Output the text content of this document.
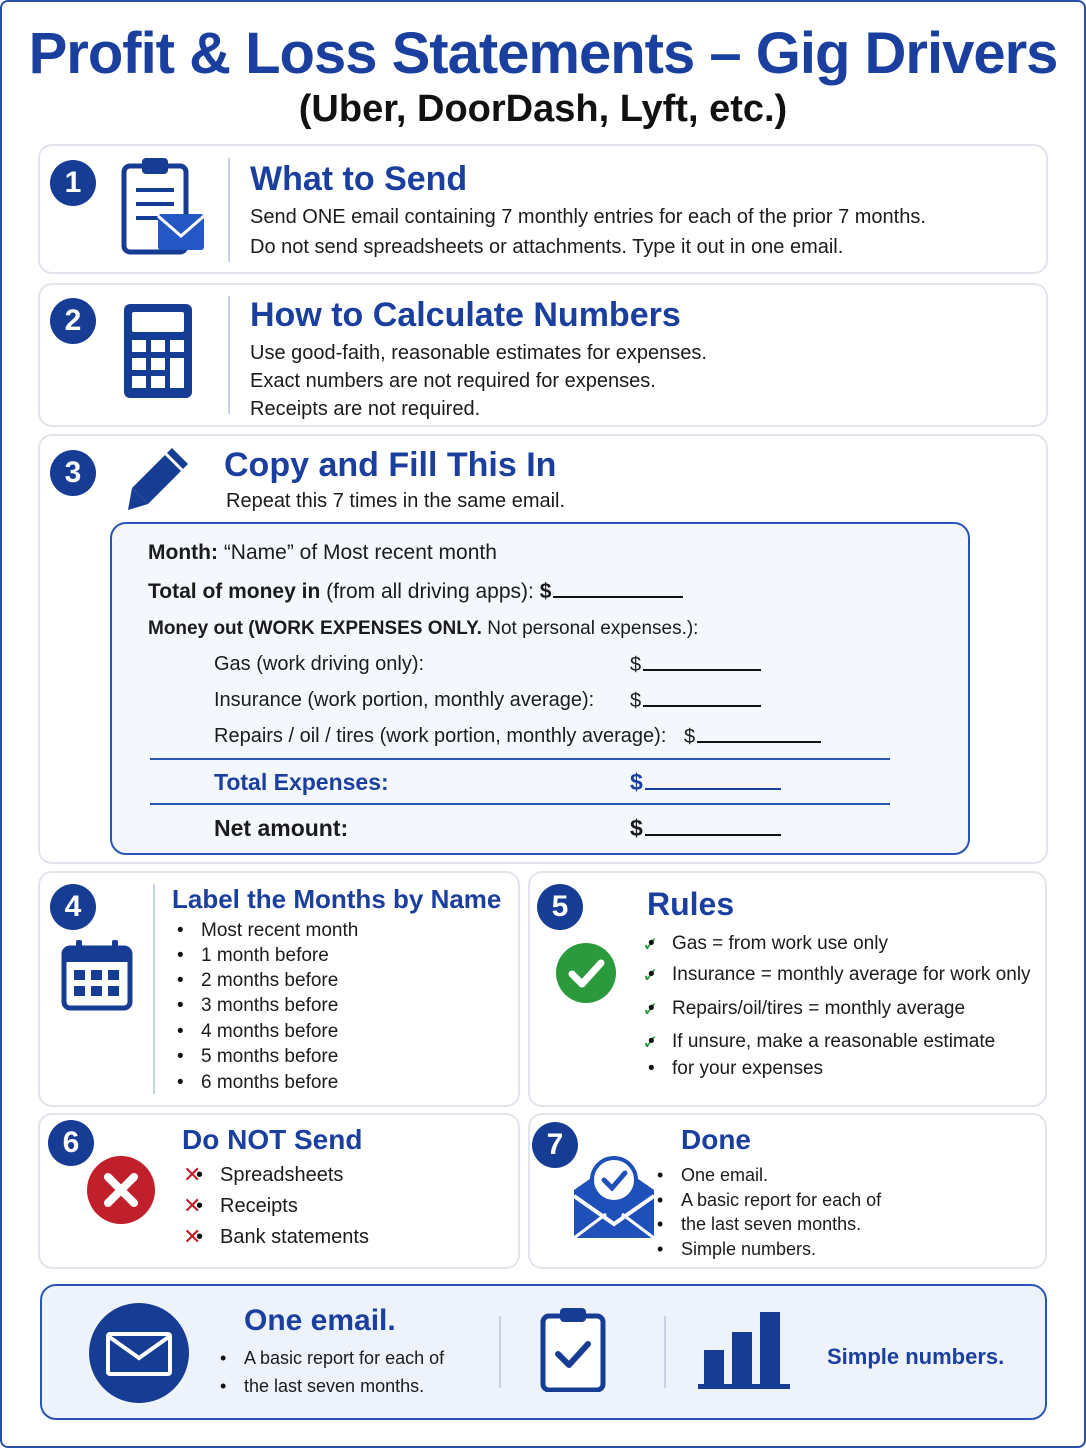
Profit & Loss Statements – Gig Drivers
(Uber, DoorDash, Lyft, etc.)
1	What to Send
Send ONE email containing 7 monthly entries for each of the prior 7 months.
Do not send spreadsheets or attachments. Type it out in one email.
2	How to Calculate Numbers
Use good-faith, reasonable estimates for expenses.
Exact numbers are not required for expenses.
Receipts are not required.
3	Copy and Fill This In
Repeat this 7 times in the same email.
Month: “Name” of Most recent month
Total of money in (from all driving apps): $
Money out (WORK EXPENSES ONLY. Not personal expenses.):
Gas (work driving only):	$
Insurance (work portion, monthly average): $
Repairs / oil / tires (work portion, monthly average): $
Total Expenses:	$
Net amount:	$
4	Label the Months by Name
• Most recent month
• 1 month before
• 2 months before
• 3 months before
• 4 months before
• 5 months before
• 6 months before
5	Rules
✓ • Gas = from work use only
✓ • Insurance = monthly average for work only
✓ • Repairs/oil/tires = monthly average
✓ • If unsure, make a reasonable estimate
• for your expenses
6	Do NOT Send
✕ • Spreadsheets
✕ • Receipts
✕ • Bank statements
7	Done
• One email.
• A basic report for each of
• the last seven months.
• Simple numbers.
One email.
• A basic report for each of
• the last seven months.
Simple numbers.
